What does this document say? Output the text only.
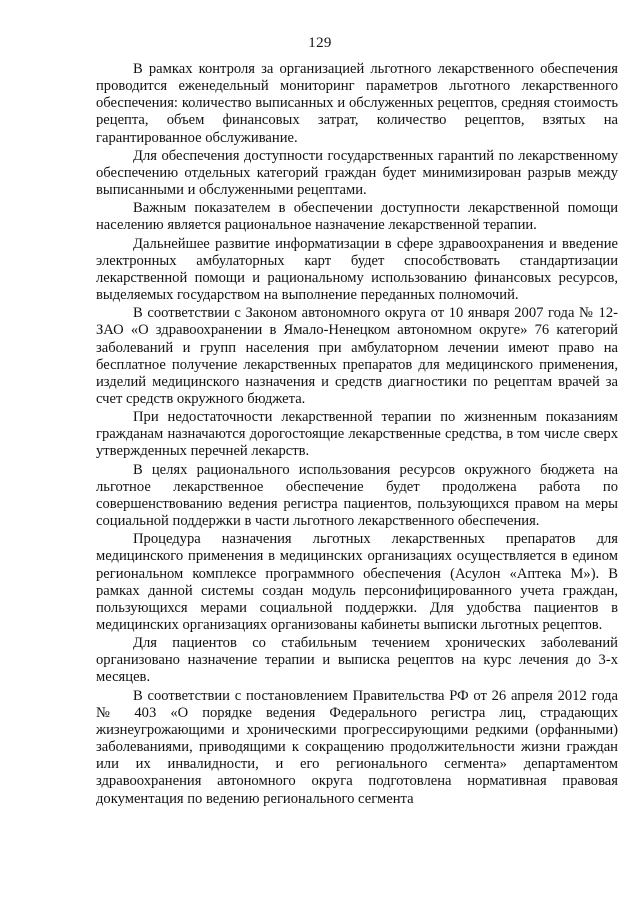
129

В рамках контроля за организацией льготного лекарственного обеспечения проводится еженедельный мониторинг параметров льготного лекарственного обеспечения: количество выписанных и обслуженных рецептов, средняя стоимость рецепта, объем финансовых затрат, количество рецептов, взятых на гарантированное обслуживание.

Для обеспечения доступности государственных гарантий по лекарственному обеспечению отдельных категорий граждан будет минимизирован разрыв между выписанными и обслуженными рецептами.

Важным показателем в обеспечении доступности лекарственной помощи населению является рациональное назначение лекарственной терапии.

Дальнейшее развитие информатизации в сфере здравоохранения и введение электронных амбулаторных карт будет способствовать стандартизации лекарственной помощи и рациональному использованию финансовых ресурсов, выделяемых государством на выполнение переданных полномочий.

В соответствии с Законом автономного округа от 10 января 2007 года № 12-ЗАО «О здравоохранении в Ямало-Ненецком автономном округе» 76 категорий заболеваний и групп населения при амбулаторном лечении имеют право на бесплатное получение лекарственных препаратов для медицинского применения, изделий медицинского назначения и средств диагностики по рецептам врачей за счет средств окружного бюджета.

При недостаточности лекарственной терапии по жизненным показаниям гражданам назначаются дорогостоящие лекарственные средства, в том числе сверх утвержденных перечней лекарств.

В целях рационального использования ресурсов окружного бюджета на льготное лекарственное обеспечение будет продолжена работа по совершенствованию ведения регистра пациентов, пользующихся правом на меры социальной поддержки в части льготного лекарственного обеспечения.

Процедура назначения льготных лекарственных препаратов для медицинского применения в медицинских организациях осуществляется в едином региональном комплексе программного обеспечения (Асулон «Аптека М»). В рамках данной системы создан модуль персонифицированного учета граждан, пользующихся мерами социальной поддержки. Для удобства пациентов в медицинских организациях организованы кабинеты выписки льготных рецептов.

Для пациентов со стабильным течением хронических заболеваний организовано назначение терапии и выписка рецептов на курс лечения до 3-х месяцев.

В соответствии с постановлением Правительства РФ от 26 апреля 2012 года № 403 «О порядке ведения Федерального регистра лиц, страдающих жизнеугрожающими и хроническими прогрессирующими редкими (орфанными) заболеваниями, приводящими к сокращению продолжительности жизни граждан или их инвалидности, и его регионального сегмента» департаментом здравоохранения автономного округа подготовлена нормативная правовая документация по ведению регионального сегмента
